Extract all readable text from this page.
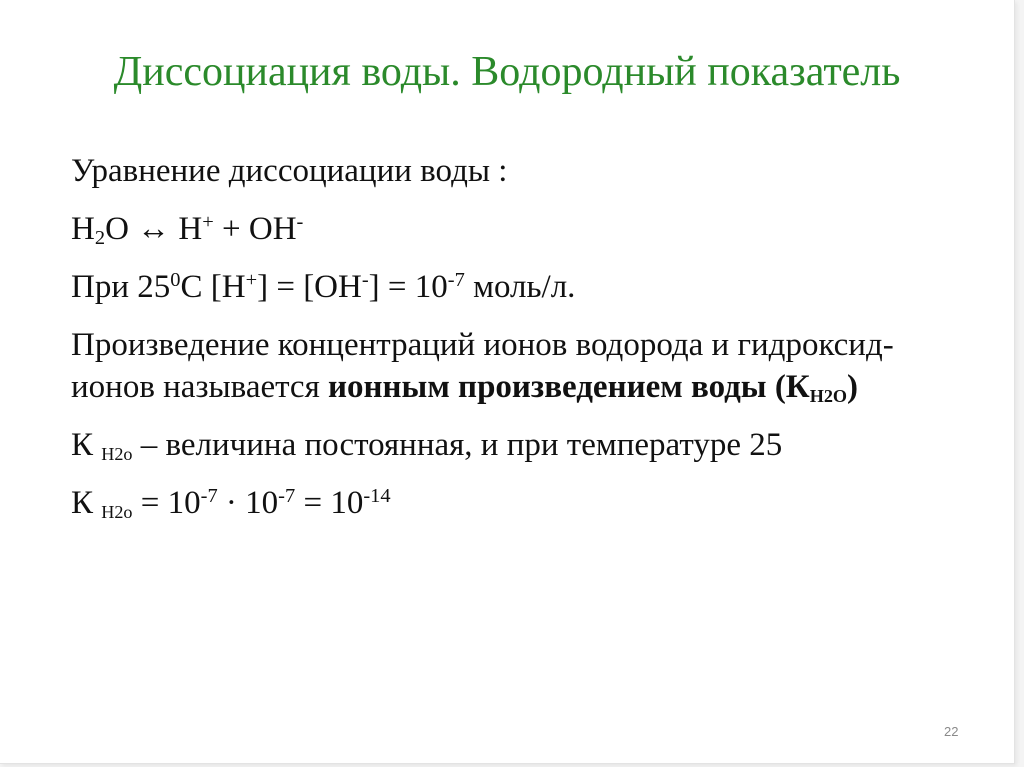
Диссоциация воды. Водородный показатель

Уравнение диссоциации воды :

$H_2O$ ↔ H+ + OH-

При $25^0C$ $[H^+] = [OH^-] = 10^{-7}$ моль/л.

Произведение концентраций ионов водорода и гидроксид-ионов называется ионным произведением воды $(К_{H2O})$

К $_{H2o}$ – величина постоянная, и при температуре 25

К $_{H2o} = 10^{-7} \cdot 10^{-7} = 10^{-14}$

22
